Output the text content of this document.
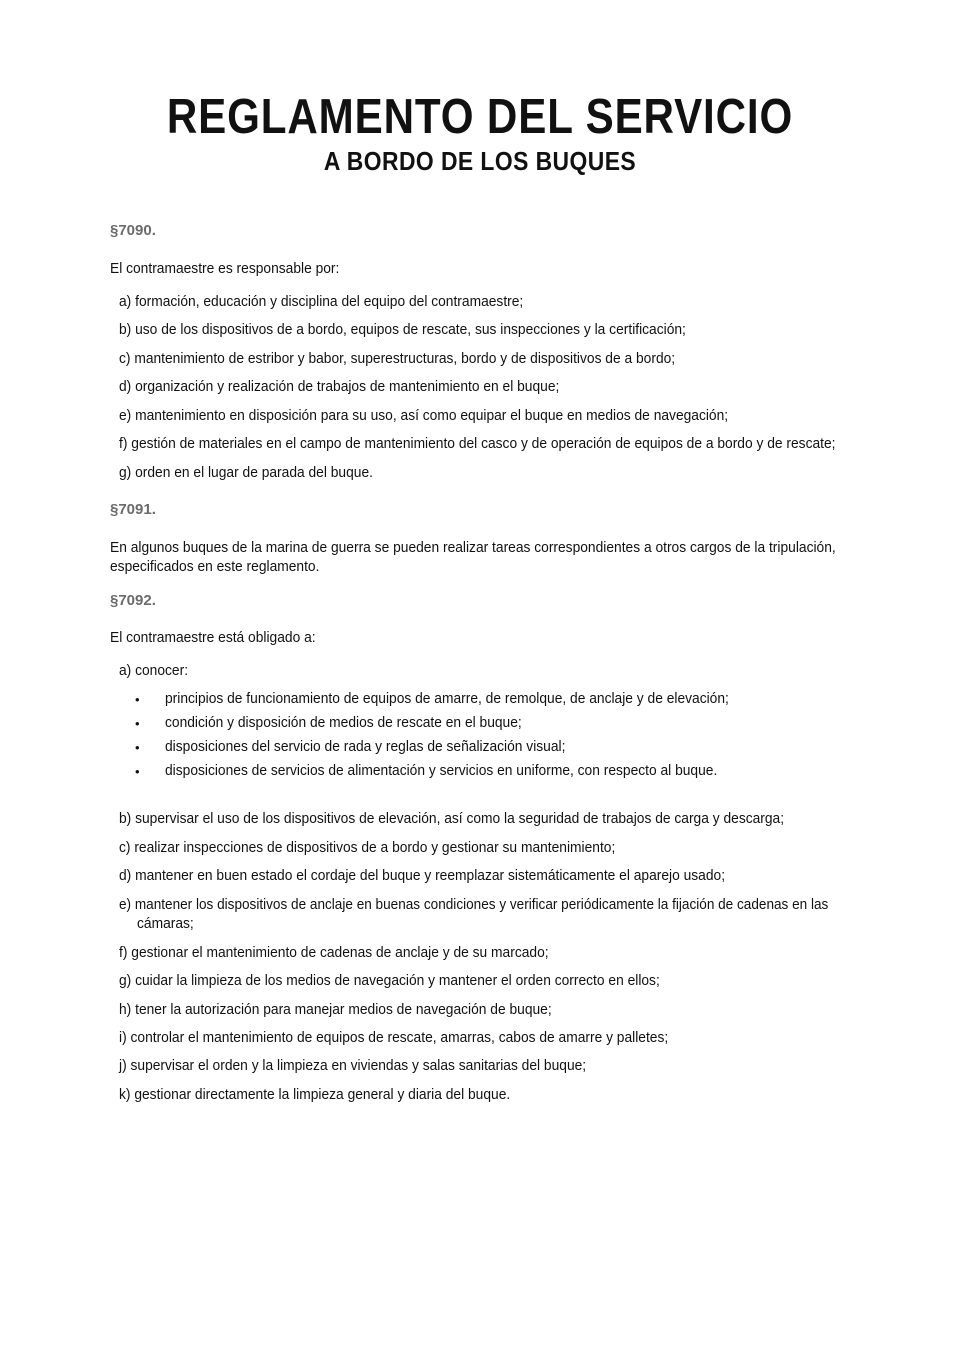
REGLAMENTO DEL SERVICIO
A BORDO DE LOS BUQUES
§7090.
El contramaestre es responsable por:
a) formación, educación y disciplina del equipo del contramaestre;
b) uso de los dispositivos de a bordo, equipos de rescate, sus inspecciones y la certificación;
c) mantenimiento de estribor y babor, superestructuras, bordo y de dispositivos de a bordo;
d) organización y realización de trabajos de mantenimiento en el buque;
e) mantenimiento en disposición para su uso, así como equipar el buque en medios de navegación;
f) gestión de materiales en el campo de mantenimiento del casco y de operación de equipos de a bordo y de rescate;
g) orden en el lugar de parada del buque.
§7091.
En algunos buques de la marina de guerra se pueden realizar tareas correspondientes a otros cargos de la tripulación,
especificados en este reglamento.
§7092.
El contramaestre está obligado a:
a) conocer:
• principios de funcionamiento de equipos de amarre, de remolque, de anclaje y de elevación;
• condición y disposición de medios de rescate en el buque;
• disposiciones del servicio de rada y reglas de señalización visual;
• disposiciones de servicios de alimentación y servicios en uniforme, con respecto al buque.
b) supervisar el uso de los dispositivos de elevación, así como la seguridad de trabajos de carga y descarga;
c) realizar inspecciones de dispositivos de a bordo y gestionar su mantenimiento;
d) mantener en buen estado el cordaje del buque y reemplazar sistemáticamente el aparejo usado;
e) mantener los dispositivos de anclaje en buenas condiciones y verificar periódicamente la fijación de cadenas en las
cámaras;
f) gestionar el mantenimiento de cadenas de anclaje y de su marcado;
g) cuidar la limpieza de los medios de navegación y mantener el orden correcto en ellos;
h) tener la autorización para manejar medios de navegación de buque;
i) controlar el mantenimiento de equipos de rescate, amarras, cabos de amarre y palletes;
j) supervisar el orden y la limpieza en viviendas y salas sanitarias del buque;
k) gestionar directamente la limpieza general y diaria del buque.
